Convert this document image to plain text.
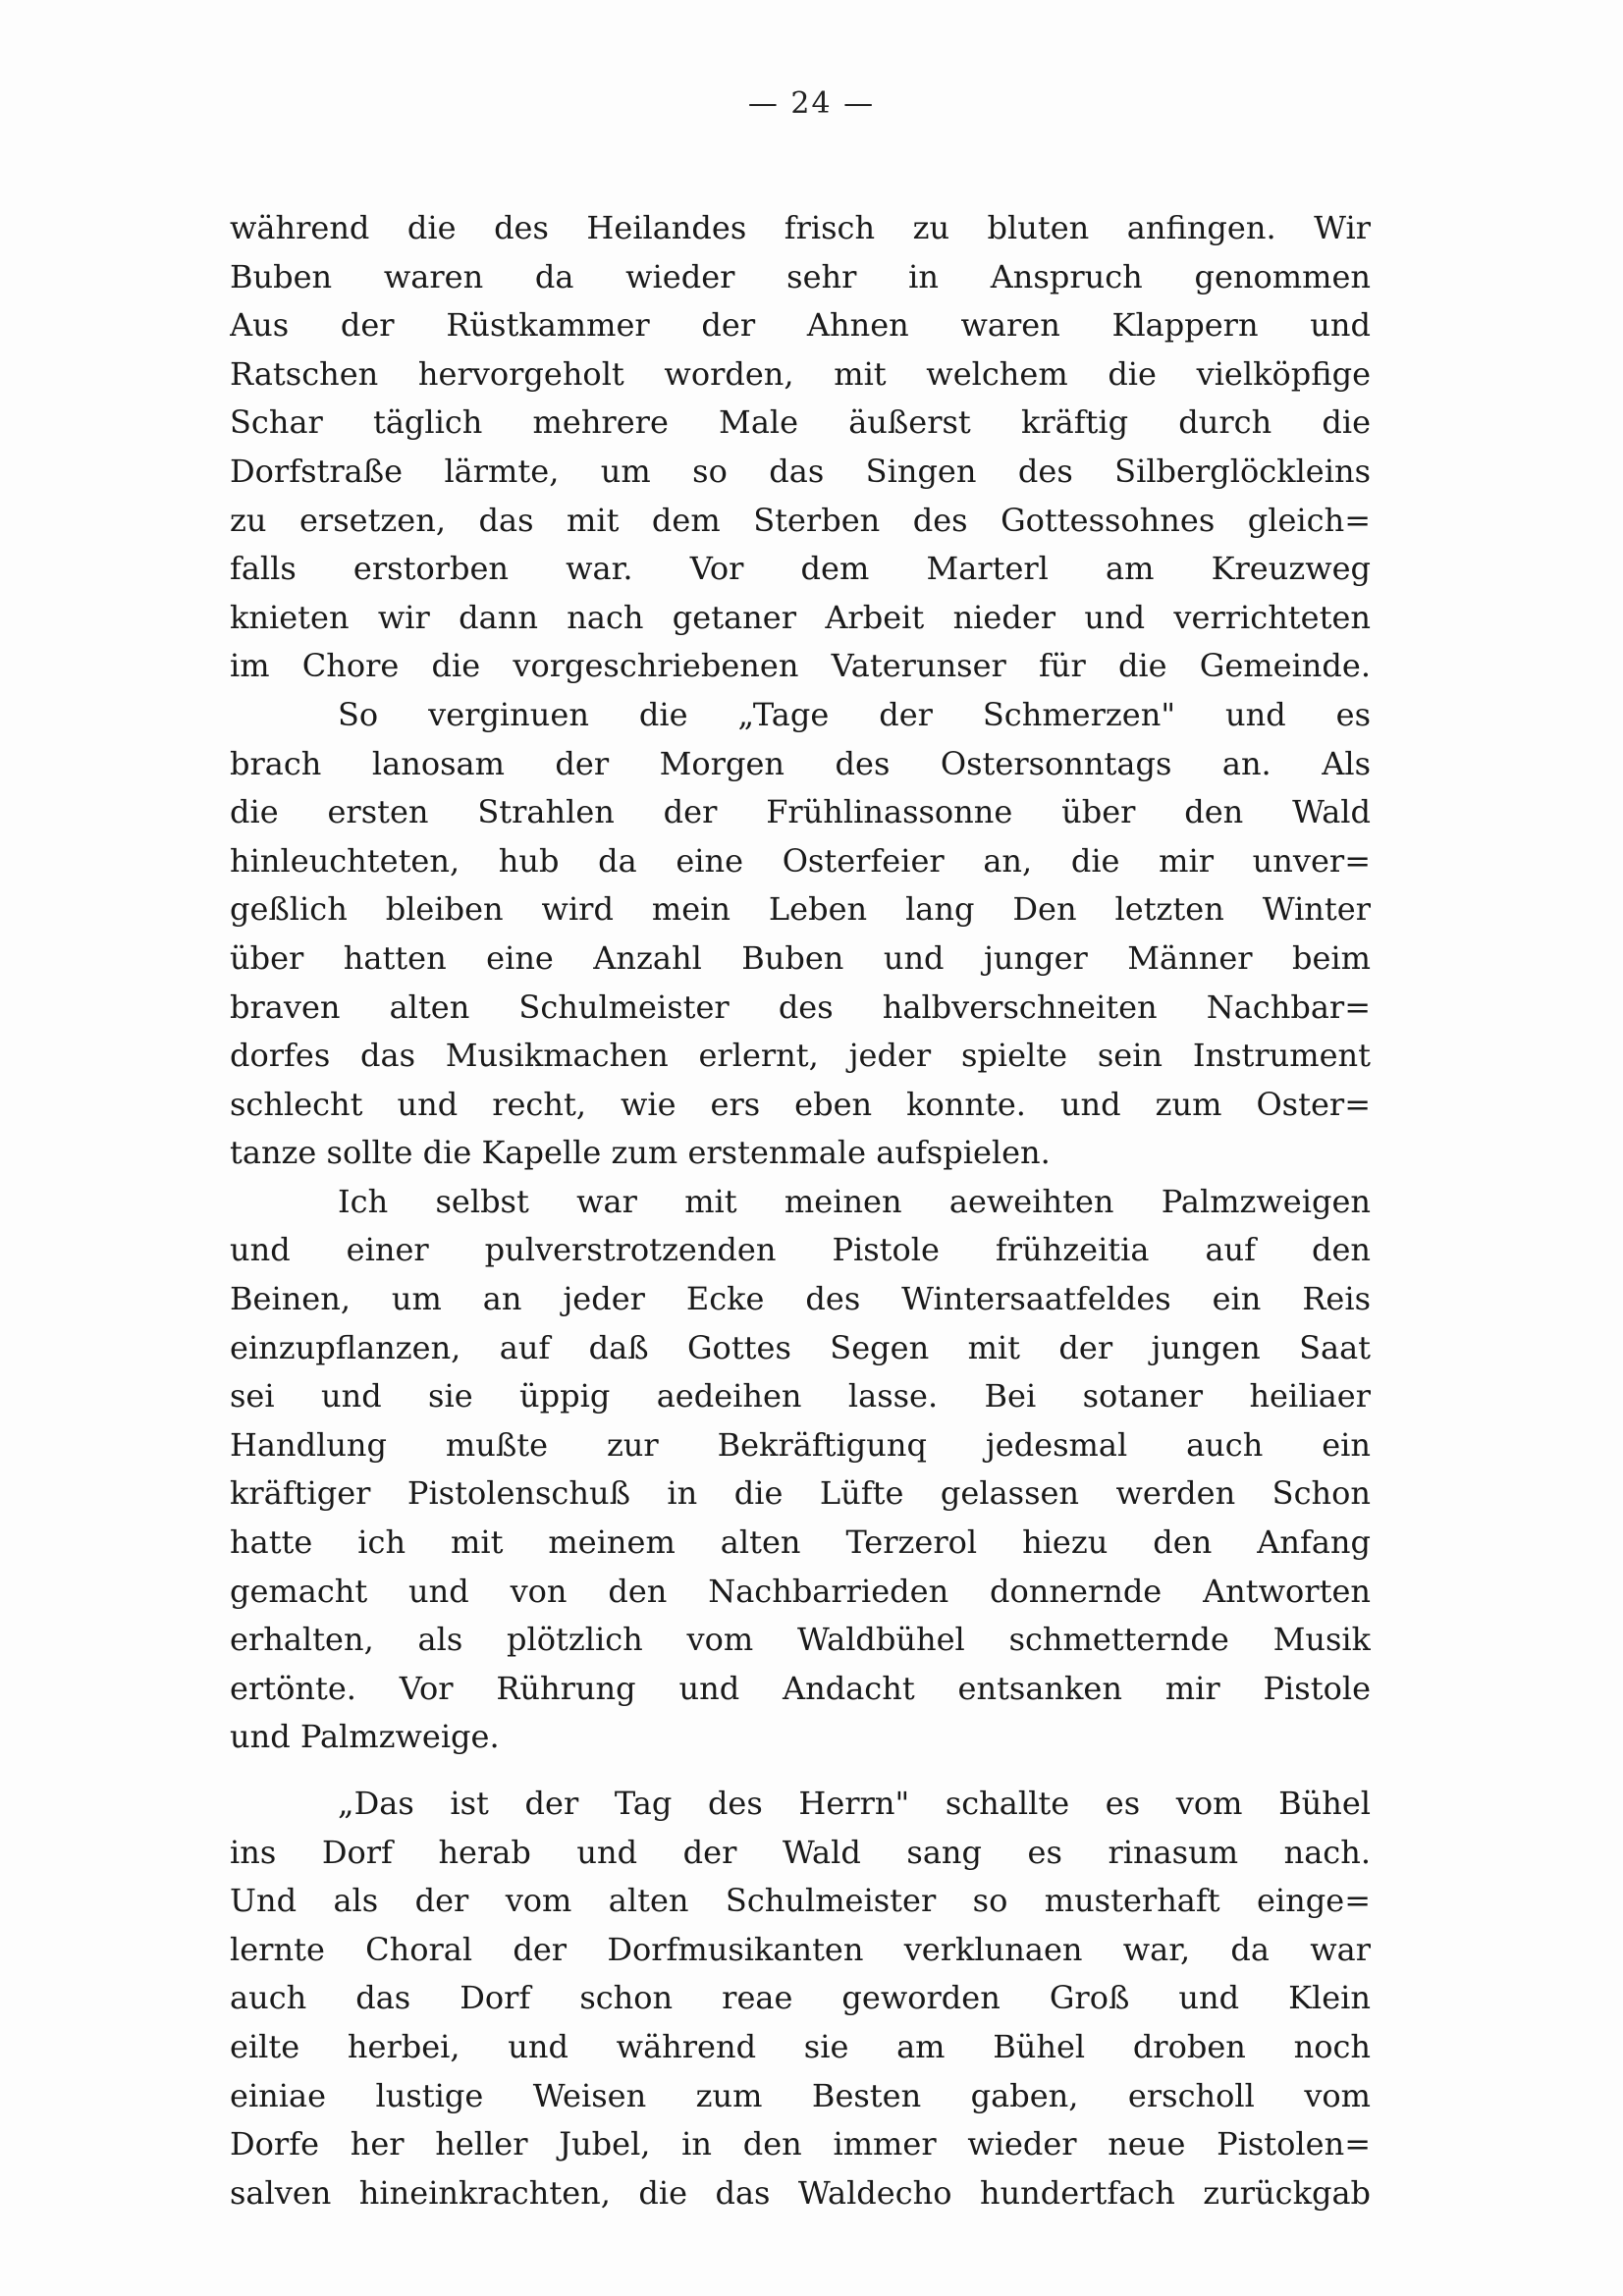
— 24 —
während die des Heilandes frisch zu bluten anfingen. Wir
Buben waren da wieder sehr in Anspruch genommen
Aus der Rüstkammer der Ahnen waren Klappern und
Ratschen hervorgeholt worden, mit welchem die vielköpfige
Schar täglich mehrere Male äußerst kräftig durch die
Dorfstraße lärmte, um so das Singen des Silberglöckleins
zu ersetzen, das mit dem Sterben des Gottessohnes gleich=
falls erstorben war. Vor dem Marterl am Kreuzweg
knieten wir dann nach getaner Arbeit nieder und verrichteten
im Chore die vorgeschriebenen Vaterunser für die Gemeinde.
So verginuen die „Tage der Schmerzen" und es
brach lanosam der Morgen des Ostersonntags an. Als
die ersten Strahlen der Frühlinassonne über den Wald
hinleuchteten, hub da eine Osterfeier an, die mir unver=
geßlich bleiben wird mein Leben lang Den letzten Winter
über hatten eine Anzahl Buben und junger Männer beim
braven alten Schulmeister des halbverschneiten Nachbar=
dorfes das Musikmachen erlernt, jeder spielte sein Instrument
schlecht und recht, wie ers eben konnte. und zum Oster=
tanze sollte die Kapelle zum erstenmale aufspielen.
Ich selbst war mit meinen aeweihten Palmzweigen
und einer pulverstrotzenden Pistole frühzeitia auf den
Beinen, um an jeder Ecke des Wintersaatfeldes ein Reis
einzupflanzen, auf daß Gottes Segen mit der jungen Saat
sei und sie üppig aedeihen lasse. Bei sotaner heiliaer
Handlung mußte zur Bekräftigunq jedesmal auch ein
kräftiger Pistolenschuß in die Lüfte gelassen werden Schon
hatte ich mit meinem alten Terzerol hiezu den Anfang
gemacht und von den Nachbarrieden donnernde Antworten
erhalten, als plötzlich vom Waldbühel schmetternde Musik
ertönte. Vor Rührung und Andacht entsanken mir Pistole
und Palmzweige.
„Das ist der Tag des Herrn" schallte es vom Bühel
ins Dorf herab und der Wald sang es rinasum nach.
Und als der vom alten Schulmeister so musterhaft einge=
lernte Choral der Dorfmusikanten verklunaen war, da war
auch das Dorf schon reae geworden Groß und Klein
eilte herbei, und während sie am Bühel droben noch
einiae lustige Weisen zum Besten gaben, erscholl vom
Dorfe her heller Jubel, in den immer wieder neue Pistolen=
salven hineinkrachten, die das Waldecho hundertfach zurückgab
